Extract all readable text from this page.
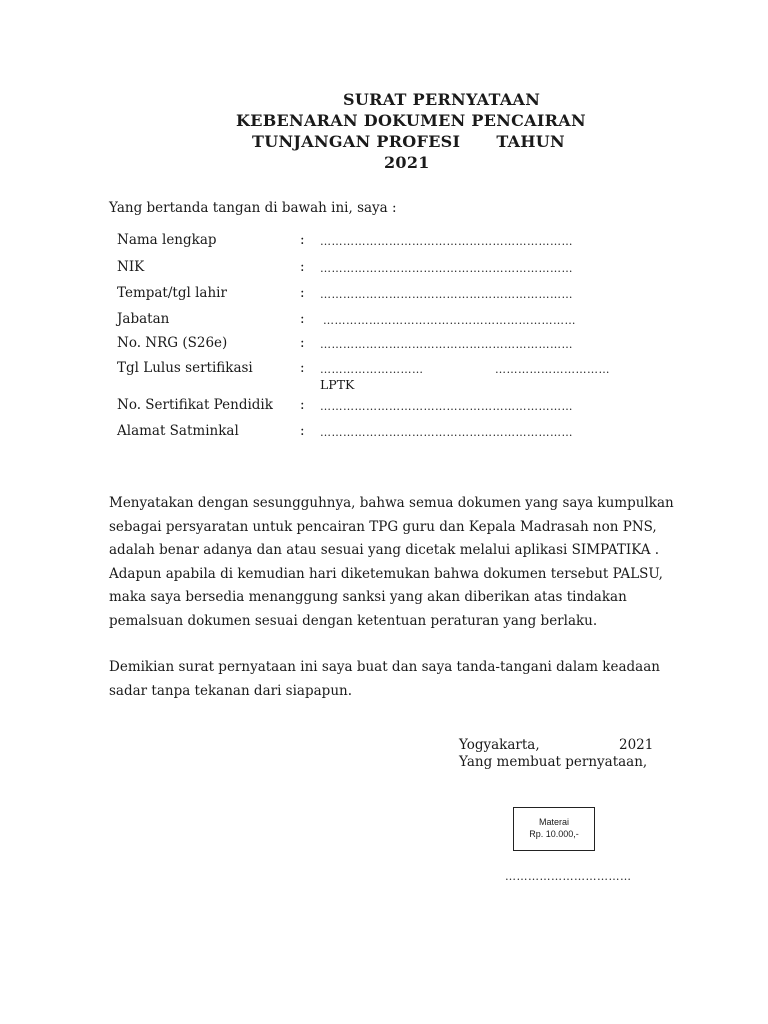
SURAT PERNYATAAN
KEBENARAN DOKUMEN PENCAIRAN
TUNJANGAN PROFESI TAHUN
2021
Yang bertanda tangan di bawah ini, saya :
Nama lengkap	: …………………………………………………………
NIK	: …………………………………………………………
Tempat/tgl lahir	: …………………………………………………………
Jabatan	: …………………………………………………………
No. NRG (S26e)	: …………………………………………………………
Tgl Lulus sertifikasi	: ………………………	…………………………
LPTK
No. Sertifikat Pendidik : …………………………………………………………
Alamat Satminkal	: …………………………………………………………
Menyatakan dengan sesungguhnya, bahwa semua dokumen yang saya kumpulkan
sebagai persyaratan untuk pencairan TPG guru dan Kepala Madrasah non PNS,
adalah benar adanya dan atau sesuai yang dicetak melalui aplikasi SIMPATIKA .
Adapun apabila di kemudian hari diketemukan bahwa dokumen tersebut PALSU,
maka saya bersedia menanggung sanksi yang akan diberikan atas tindakan
pemalsuan dokumen sesuai dengan ketentuan peraturan yang berlaku.
Demikian surat pernyataan ini saya buat dan saya tanda-tangani dalam keadaan
sadar tanpa tekanan dari siapapun.
Yogyakarta,	2021
Yang membuat pernyataan,
Materai
Rp. 10.000,-
……………………………
